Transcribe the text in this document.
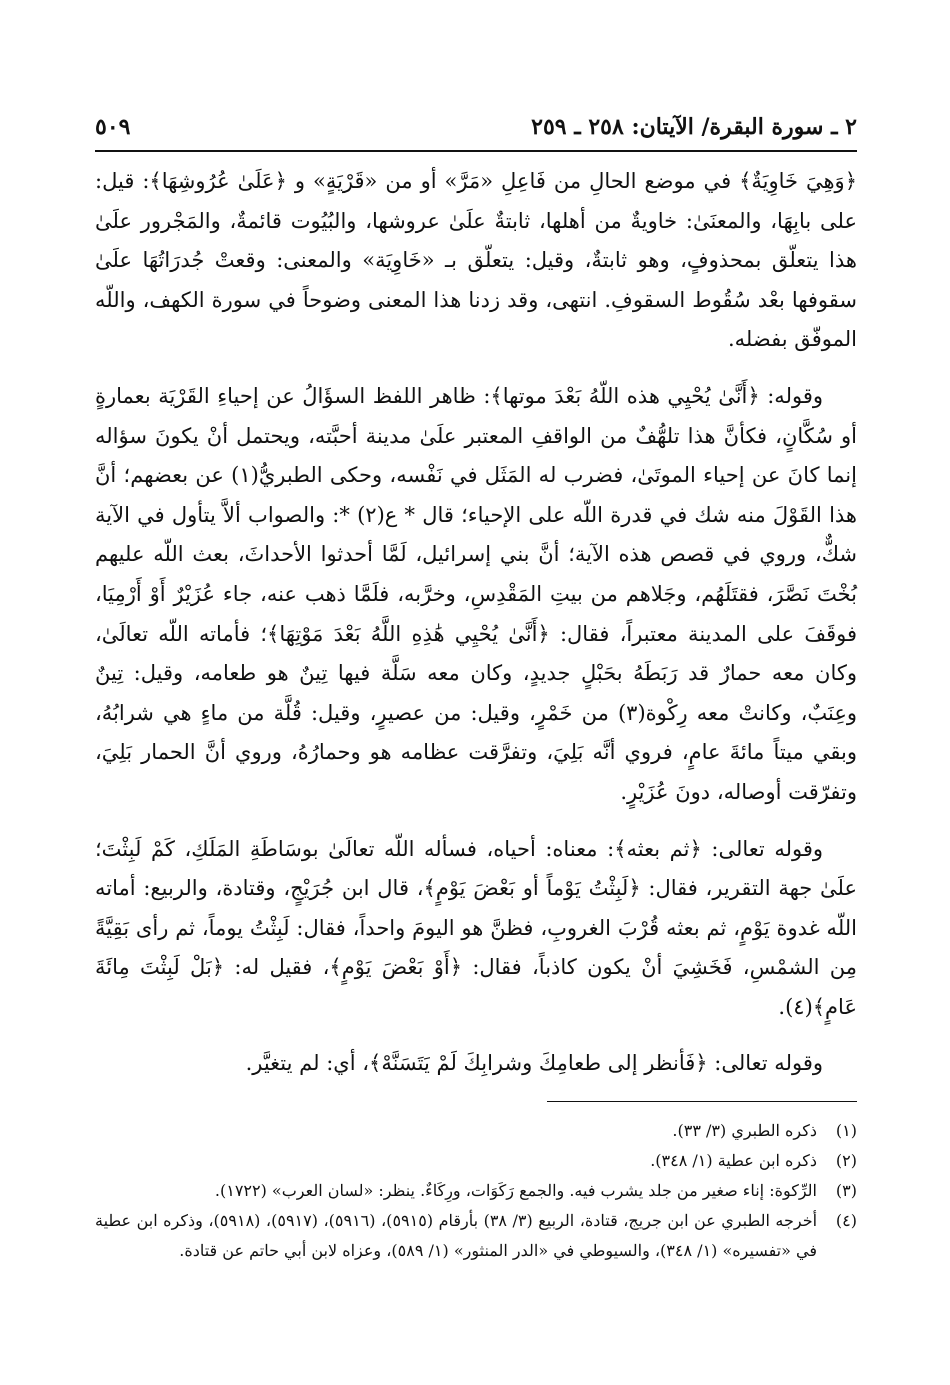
٢ ـ سورة البقرة/ الآيتان: ٢٥٨ ـ ٢٥٩
٥٠٩

﴿وَهِيَ خَاوِيَةٌ﴾ في موضع الحالِ من فَاعِلِ «مَرَّ» أو من «قَرْيَةٍ» و ﴿عَلَىٰ عُرُوشِهَا﴾: قيل: على بابِهَا، والمعنَىٰ: خاويةٌ من أهلها، ثابتةٌ علَىٰ عروشها، والبُيُوت قائمةٌ، والمَجْرور علَىٰ هذا يتعلّق بمحذوفٍ، وهو ثابتةٌ، وقيل: يتعلّق بـ «خَاوِيَة» والمعنى: وقعتْ جُدرَاتُهَا علَىٰ سقوفها بعْد سُقُوط السقوفِ. انتهى، وقد زدنا هذا المعنى وضوحاً في سورة الكهف، واللّه الموفّق بفضله.

وقوله: ﴿أَنَّىٰ يُحْيِي هذه اللّهُ بَعْدَ موتها﴾: ظاهر اللفظ السؤَالُ عن إحياءِ القَرْيَة بعمارةٍ أو سُكَّانٍ، فكأنَّ هذا تلهُّفٌ من الواقفِ المعتبر علَىٰ مدينة أحبَّته، ويحتمل أنْ يكونَ سؤاله إنما كانَ عن إحياء الموتَىٰ، فضرب له المَثَل في نَفْسه، وحكى الطبريُّ(١) عن بعضهم؛ أنَّ هذا القَوْلَ منه شك في قدرة اللّه على الإحياء؛ قال * ع(٢) *: والصواب ألاَّ يتأول في الآية شكٌّ، وروي في قصص هذه الآية؛ أنَّ بني إسرائيل، لَمَّا أحدثوا الأحداثَ، بعث اللّه عليهم بُخْتَ نَصَّرَ، فقتَلَهُم، وجَلاهم من بيتِ المَقْدِسِ، وخرَّبه، فلَمَّا ذهب عنه، جاء عُزَيْرٌ أَوْ أَرْمِيَا، فوقَفَ على المدينة معتبراً، فقال: ﴿أَنَّىٰ يُحْيِي هَٰذِهِ اللَّهُ بَعْدَ مَوْتِهَا﴾؛ فأماته اللّه تعالَىٰ، وكان معه حمارٌ قد رَبَطَهُ بحَبْلٍ جديدٍ، وكان معه سَلَّة فيها تِينٌ هو طعامه، وقيل: تِينٌ وعِنَبٌ، وكانتْ معه رِكْوة(٣) من خَمْرٍ، وقيل: من عصيرٍ، وقيل: قُلَّة من ماءٍ هي شرابُهُ، وبقي ميتاً مائةَ عامٍ، فروي أنَّه بَلِيَ، وتفرَّقت عظامه هو وحمارُهُ، وروي أنَّ الحمار بَلِيَ، وتفرّقت أوصاله، دونَ عُزَيْرٍ.

وقوله تعالى: ﴿ثم بعثه﴾: معناه: أحياه، فسأله اللّه تعالَىٰ بوسَاطَةِ المَلَكِ، كَمْ لَبِثْتَ؛ علَىٰ جهة التقرير، فقال: ﴿لَبِثْتُ يَوْماً أو بَعْضَ يَوْمٍ﴾، قال ابن جُرَيْجٍ، وقتادة، والربيع: أماته اللّه غدوة يَوْمٍ، ثم بعثه قُرْبَ الغروبِ، فظنَّ هو اليومَ واحداً، فقال: لَبِثْتُ يوماً، ثم رأى بَقِيَّةً مِن الشمْسِ، فَخَشِيَ أنْ يكون كاذباً، فقال: ﴿أَوْ بَعْضَ يَوْمٍ﴾، فقيل له: ﴿بَلْ لَبِثْتَ مِائَةَ عَامٍ﴾(٤).

وقوله تعالى: ﴿فَأنظر إلى طعامِكَ وشرابِكَ لَمْ يَتَسَنَّهْ﴾، أي: لم يتغيَّر.

(١)
ذكره الطبري (٣/ ٣٣).
(٢)
ذكره ابن عطية (١/ ٣٤٨).
(٣)
الرِّكوة: إناء صغير من جلد يشرب فيه. والجمع رَكَوَات، ورِكَاءٌ. ينظر: «لسان العرب» (١٧٢٢).
(٤)
أخرجه الطبري عن ابن جريج، قتادة، الربيع (٣/ ٣٨) بأرقام (٥٩١٥)، (٥٩١٦)، (٥٩١٧)، (٥٩١٨)، وذكره ابن عطية في «تفسيره» (١/ ٣٤٨)، والسيوطي في «الدر المنثور» (١/ ٥٨٩)، وعزاه لابن أبي حاتم عن قتادة.
